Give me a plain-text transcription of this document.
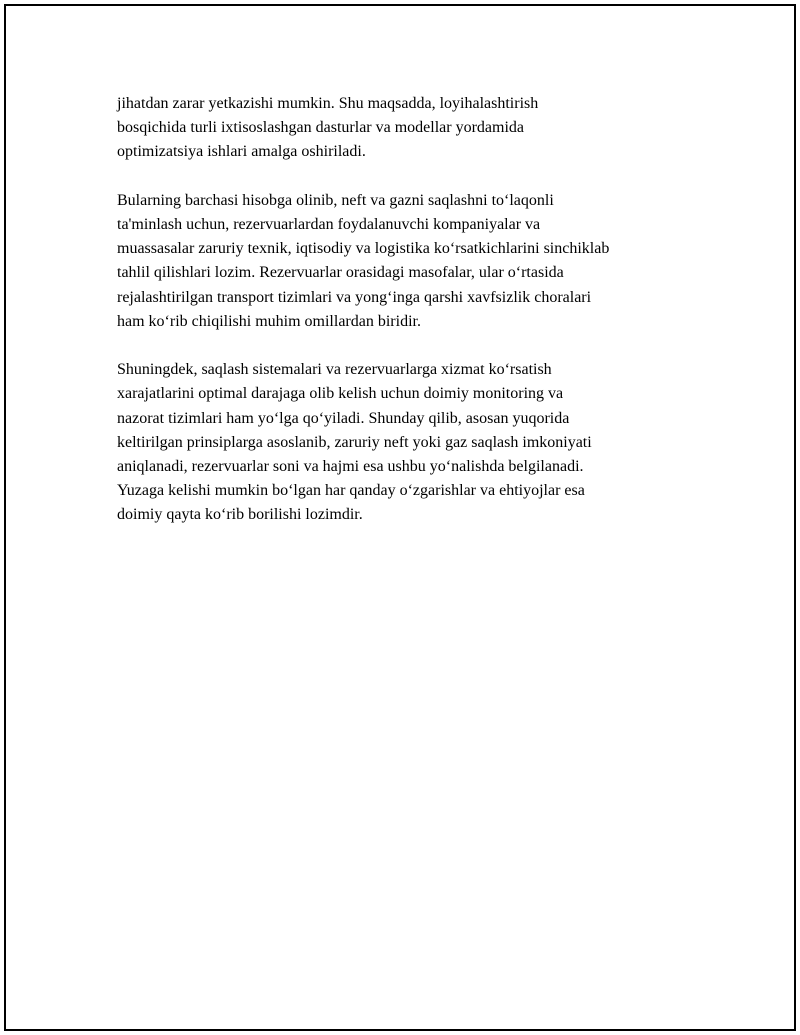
jihatdan zarar yetkazishi mumkin. Shu maqsadda, loyihalashtirish
bosqichida turli ixtisoslashgan dasturlar va modellar yordamida
optimizatsiya ishlari amalga oshiriladi.

Bularning barchasi hisobga olinib, neft va gazni saqlashni to‘laqonli
ta'minlash uchun, rezervuarlardan foydalanuvchi kompaniyalar va
muassasalar zaruriy texnik, iqtisodiy va logistika ko‘rsatkichlarini sinchiklab
tahlil qilishlari lozim. Rezervuarlar orasidagi masofalar, ular o‘rtasida
rejalashtirilgan transport tizimlari va yong‘inga qarshi xavfsizlik choralari
ham ko‘rib chiqilishi muhim omillardan biridir.

Shuningdek, saqlash sistemalari va rezervuarlarga xizmat ko‘rsatish
xarajatlarini optimal darajaga olib kelish uchun doimiy monitoring va
nazorat tizimlari ham yo‘lga qo‘yiladi. Shunday qilib, asosan yuqorida
keltirilgan prinsiplarga asoslanib, zaruriy neft yoki gaz saqlash imkoniyati
aniqlanadi, rezervuarlar soni va hajmi esa ushbu yo‘nalishda belgilanadi.
Yuzaga kelishi mumkin bo‘lgan har qanday o‘zgarishlar va ehtiyojlar esa
doimiy qayta ko‘rib borilishi lozimdir.
